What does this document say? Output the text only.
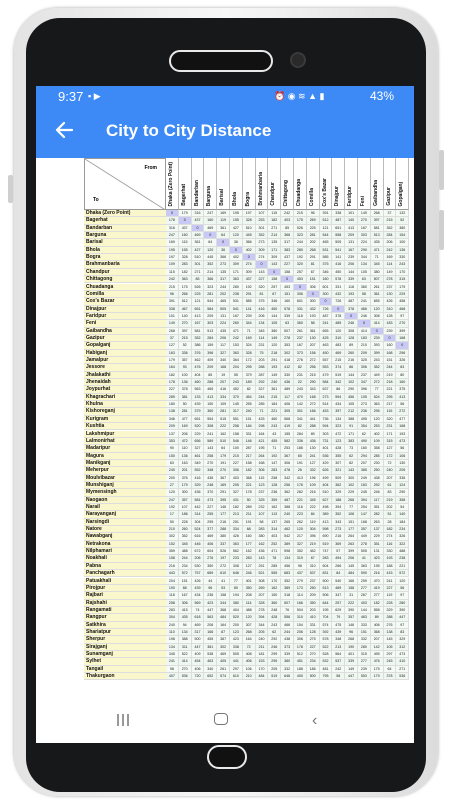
9:37 ▪ ▶	⏰ ◉ ≋ ▲ ▮	43%
City to City Distance
From
To	Dhaka (Zero Point) Bagerhat Bandarban Barguna Barisal Bhola Bogra Brahmanbaria Chandpur Chittagong Chuadanga Comilla Cox's Bazar Dinajpur Faridpur Feni Gaibandha Gazipur Gopalganj
Dhaka (Zero Point)	0	179	316	247	169	195	197	107	115	242	215	96	391	338	101	149	268	37	132
Bagerhat	178	0	437	160	119	155	328	253	182	403	175	269	512	487	140	270	397	215	52
Bandarban	316	437	0	469	361	427	510	301	271	85	526	225	121	651	413	167	581	352	380
Barguna	247	160	469	0	64	120	445	352	214	366	323	281	544	558	209	303	513	284	154
Barisal	169	115	361	64	0	36	366	273	135	317	244	202	465	505	131	224	435	206	100
Bhola	195	155	427	120	36	0	402	309	171	383	280	268	531	541	167	290	471	242	136
Bogra	197	328	510	445	366	402	0	274	309	437	192	291	585	141	239	344	71	169	330
Brahmanbaria	109	283	301	352	273	309	274	0	143	227	320	81	375	416	206	134	345	114	243
Chandpur	115	182	271	214	135	171	309	143	0	158	257	67	346	450	144	105	380	149	170
Chittagong	242	363	85	366	317	363	437	227	158	0	453	151	160	578	339	63	507	278	315
Chuadanga	215	175	526	323	244	280	192	320	257	453	0	306	601	331	118	360	261	237	179
Comilla	96	266	225	281	202	238	291	81	67	151	306	0	300	432	193	58	361	130	229
Cox's Bazar	391	512	121	544	465	531	585	375	346	160	601	300	0	726	487	241	655	426	458
Dinajpur	338	467	651	584	505	541	141	416	450	578	331	432	726	0	378	466	120	310	468
Faridpur	101	140	413	209	131	167	239	206	144	339	118	193	487	378	0	246	308	128	97
Feni	149	270	167	303	224	260	344	134	105	63	360	58	241	485	246	0	414	183	270
Gaibandha	268	397	581	513	435	471	71	345	380	507	261	361	655	120	308	414	0	239	399
Gazipur	37	215	352	284	206	242	169	114	149	278	237	130	425	310	128	183	239	0	168
Gopalganj	127	52	386	159	117	153	324	231	120	353	167	207	463	483	89	210	393	160	0
Habiganj	163	336	376	396	327	363	328	75	218	302	373	156	450	469	260	209	399	168	296
Jamalpur	179	357	462	409	340	364	172	203	291	418	276	272	557	215	216	325	243	151	326
Jessore	164	93	476	209	168	204	295	288	193	412	82	256	553	374	86	306	352	244	83
Jhalakathi	182	100	404	85	19	55	379	287	149	330	231	215	479	519	144	237	449	219	80
Jhenaidah	178	136	460	288	207	243	189	292	240	436	22	290	584	342	102	347	272	218	160
Joypurhat	227	378	563	465	416	452	82	327	361	489	243	343	637	86	290	396	77	221	375
Khagrachari	289	381	133	413	334	370	454	244	215	117	470	168	273	594	456	105	524	295	413
Khulna	180	50	439	150	109	145	255	285	184	406	142	272	514	434	105	273	363	217	56
Kishoreganj	138	281	379	360	281	317	240	71	221	305	301	166	453	397	212	236	295	115	272
Kurigram	346	477	651	554	515	551	151	425	460	568	341	441	736	134	388	495	120	320	477
Kushtia	209	169	520	308	222	258	184	298	243	419	82	288	594	323	91	354	253	231	168
Lakshmipur	137	206	229	241	162	158	331	164	43	155	284	89	303	472	171	62	402	171	193
Lalmonirhat	353	472	656	589	510	546	146	421	455	582	336	436	731	123	383	490	109	315	473
Madaripur	90	110	327	143	64	100	287	195	71	253	186	130	401	428	73	160	358	127	56
Magura	150	136	461	258	179	215	217	264	192	367	65	241	536	355	62	294	285	172	106
Manikganj	63	163	349	270	191	227	158	168	147	306	191	127	429	307	82	207	230	72	130
Meherpur	240	201	552	348	270	306	182	306	283	478	26	332	626	321	143	385	250	240	205
Moulvibazar	200	376	416	436	367	403	368	115	258	342	413	196	499	509	300	249	438	207	336
Munshiganj	27	179	329	248	169	205	221	123	128	256	176	109	404	362	102	163	292	61	124
Mymensingh	120	300	436	370	291	327	178	237	236	362	282	216	510	329	229	245	246	83	290
Naogaon	247	357	581	473	395	431	50	325	359	487	221	345	627	188	268	394	117	219	358
Narail	192	107	442	227	146	182	289	232	162	388	116	222	498	394	77	254	351	202	54
Narayanganj	17	186	314	255	177	213	211	107	113	240	223	84	389	352	108	147	282	51	140
Narsingdi	50	228	304	295	216	251	191	58	137	265	262	119	413	343	151	168	263	28	184
Natore	210	260	524	377	288	334	68	283	314	462	120	304	598	273	177	357	137	182	234
Nawabganj	302	352	616	469	380	426	160	380	403	542	217	396	690	216	264	449	229	274	326
Netrakona	152	345	446	406	337	363	177	162	252	389	327	219	519	369	263	278	351	116	322
Nilphamari	359	488	672	604	526	562	162	436	471	598	352	452	747	57	399	505	131	330	488
Noakhali	158	244	206	276	197	233	283	143	78	134	319	67	283	494	206	41	423	193	238
Pabna	216	234	530	350	272	308	127	251	285	456	98	310	604	266	145	363	195	188	221
Panchagarh	443	572	757	689	610	646	246	521	555	683	437	537	831	84	484	590	216	415	572
Patuakhali	204	151	426	44	41	77	401	308	170	352	279	237	500	540	166	259	470	241	120
Pirojpur	190	68	439	96	53	89	350	269	162	389	173	250	513	489	158	277	419	227	56
Rajbari	118	167	434	236	158	194	208	207	150	318	114	209	506	347	31	267	277	119	97
Rajshahi	258	306	569	423	344	380	114	328	360	507	166	350	644	257	222	403	182	228	280
Rangamati	283	415	74	447	368	404	488	278	248	76	504	203	195	629	390	144	558	329	390
Rangpur	304	435	618	563	484	520	120	394	428	556	310	410	704	79	357	463	89	288	447
Satkhira	240	94	469	206	164	200	307	344	243	466	154	331	574	475	146	333	406	276	97
Shariatpur	110	134	317	166	87	123	268	205	62	244	206	128	392	439	96	151	368	138	83
Sherpur	198	388	500	455	387	423	164	240	292	438	306	275	578	348	268	332	207	145	329
Sirajganj	134	311	447	381	302	338	72	211	246	373	178	227	522	213	190	280	142	105	312
Sunamganj	345	522	409	538	469	505	408	181	299	339	512	270	528	564	401	315	495	297	473
Sylhet	241	414	454	463	405	441	406	153	295	380	451	234	532	537	339	277	476	245	410
Tangail	98	270	406	340	261	297	106	170	205	332	188	186	481	242	149	239	175	64	271
Thakurgaon	407	536	720	652	574	610	210	484	519	646	400	500	795	58	447	553	179	378	536
‹
